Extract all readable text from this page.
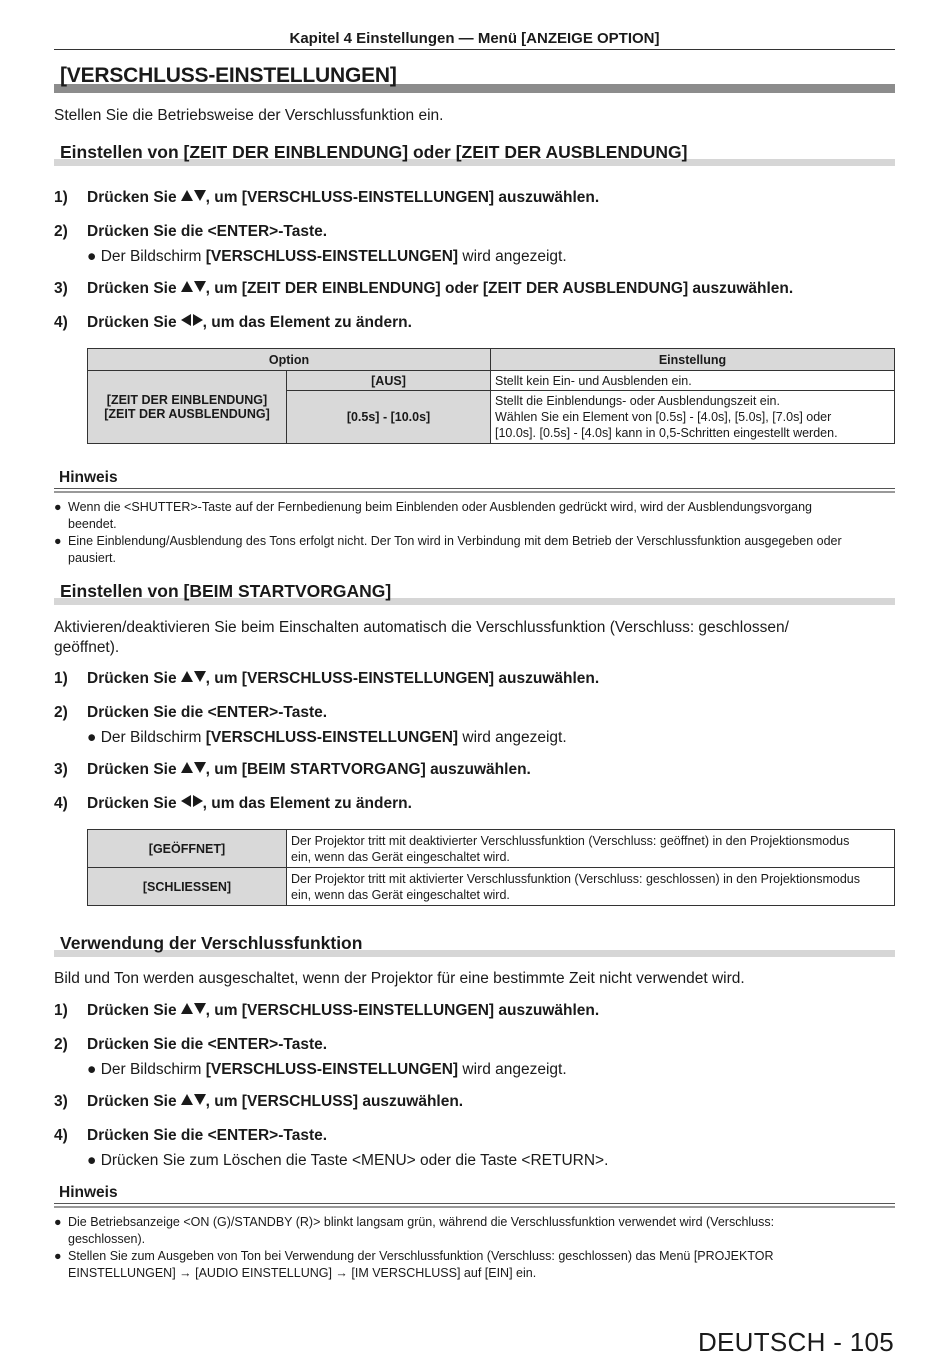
Kapitel 4 Einstellungen — Menü [ANZEIGE OPTION]
[VERSCHLUSS-EINSTELLUNGEN]
Stellen Sie die Betriebsweise der Verschlussfunktion ein.
Einstellen von [ZEIT DER EINBLENDUNG] oder [ZEIT DER AUSBLENDUNG]
1) Drücken Sie , um [VERSCHLUSS-EINSTELLUNGEN] auszuwählen.
2) Drücken Sie die <ENTER>-Taste.
● Der Bildschirm [VERSCHLUSS-EINSTELLUNGEN] wird angezeigt.
3) Drücken Sie , um [ZEIT DER EINBLENDUNG] oder [ZEIT DER AUSBLENDUNG] auszuwählen.
4) Drücken Sie , um das Element zu ändern.
Option		Einstellung

[ZEIT DER EINBLENDUNG]
[ZEIT DER AUSBLENDUNG]	[AUS]	Stellt kein Ein- und Ausblenden ein.
	[0.5s] - [10.0s]	Stellt die Einblendungs- oder Ausblendungszeit ein.
Wählen Sie ein Element von [0.5s] - [4.0s], [5.0s], [7.0s] oder
[10.0s]. [0.5s] - [4.0s] kann in 0,5-Schritten eingestellt werden.
Hinweis
● Wenn die <SHUTTER>-Taste auf der Fernbedienung beim Einblenden oder Ausblenden gedrückt wird, wird der Ausblendungsvorgang
beendet.
● Eine Einblendung/Ausblendung des Tons erfolgt nicht. Der Ton wird in Verbindung mit dem Betrieb der Verschlussfunktion ausgegeben oder
pausiert.
Einstellen von [BEIM STARTVORGANG]
Aktivieren/deaktivieren Sie beim Einschalten automatisch die Verschlussfunktion (Verschluss: geschlossen/
geöffnet).
1) Drücken Sie , um [VERSCHLUSS-EINSTELLUNGEN] auszuwählen.
2) Drücken Sie die <ENTER>-Taste.
● Der Bildschirm [VERSCHLUSS-EINSTELLUNGEN] wird angezeigt.
3) Drücken Sie , um [BEIM STARTVORGANG] auszuwählen.
4) Drücken Sie , um das Element zu ändern.
[GEÖFFNET]	Der Projektor tritt mit deaktivierter Verschlussfunktion (Verschluss: geöffnet) in den Projektionsmodus
ein, wenn das Gerät eingeschaltet wird.

[SCHLIESSEN]	Der Projektor tritt mit aktivierter Verschlussfunktion (Verschluss: geschlossen) in den Projektionsmodus
ein, wenn das Gerät eingeschaltet wird.
Verwendung der Verschlussfunktion
Bild und Ton werden ausgeschaltet, wenn der Projektor für eine bestimmte Zeit nicht verwendet wird.
1) Drücken Sie , um [VERSCHLUSS-EINSTELLUNGEN] auszuwählen.
2) Drücken Sie die <ENTER>-Taste.
● Der Bildschirm [VERSCHLUSS-EINSTELLUNGEN] wird angezeigt.
3) Drücken Sie , um [VERSCHLUSS] auszuwählen.
4) Drücken Sie die <ENTER>-Taste.
● Drücken Sie zum Löschen die Taste <MENU> oder die Taste <RETURN>.
Hinweis
● Die Betriebsanzeige <ON (G)/STANDBY (R)> blinkt langsam grün, während die Verschlussfunktion verwendet wird (Verschluss:
geschlossen).
● Stellen Sie zum Ausgeben von Ton bei Verwendung der Verschlussfunktion (Verschluss: geschlossen) das Menü [PROJEKTOR
EINSTELLUNGEN] → [AUDIO EINSTELLUNG] → [IM VERSCHLUSS] auf [EIN] ein.
DEUTSCH - 105
